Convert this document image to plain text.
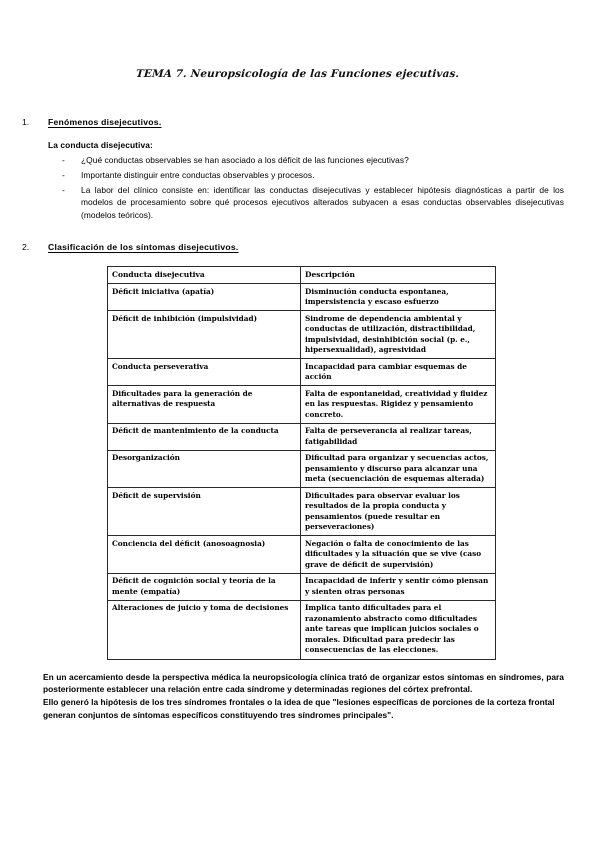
TEMA 7. Neuropsicología de las Funciones ejecutivas.
1.	Fenómenos disejecutivos.

La conducta disejecutiva:

- ¿Qué conductas observables se han asociado a los déficit de las funciones ejecutivas?
- Importante distinguir entre conductas observables y procesos.
- La labor del clínico consiste en: identificar las conductas disejecutivas y establecer hipótesis diagnósticas a partir de los modelos de procesamiento sobre qué procesos ejecutivos alterados subyacen a esas conductas observables disejecutivas (modelos teóricos).
2.	Clasificación de los síntomas disejecutivos.
Conducta disejecutiva	Descripción
Déficit iniciativa (apatía)	Disminución conducta espontanea, impersistencia y escaso esfuerzo
Déficit de inhibición (impulsividad)	Sindrome de dependencia ambiental y conductas de utilización, distractibilidad, impulsividad, desinhibición social (p. e., hipersexualidad), agresividad
Conducta perseverativa	Incapacidad para cambiar esquemas de acción
Dificultades para la generación de alternativas de respuesta	Falta de espontaneidad, creatividad y fluidez en las respuestas. Rigidez y pensamiento concreto.
Déficit de mantenimiento de la conducta	Falta de perseverancia al realizar tareas, fatigabilidad
Desorganización	Dificultad para organizar y secuencias actos, pensamiento y discurso para alcanzar una meta (secuenciación de esquemas alterada)
Déficit de supervisión	Dificultades para observar evaluar los resultados de la propia conducta y pensamientos (puede resultar en perseveraciones)
Conciencia del déficit (anosoagnosia)	Negación o falta de conocimiento de las dificultades y la situación que se vive (caso grave de déficit de supervisión)
Déficit de cognición social y teoría de la mente (empatía)	Incapacidad de inferir y sentir cómo piensan y sienten otras personas
Alteraciones de juicio y toma de decisiones	Implica tanto dificultades para el razonamiento abstracto como dificultades ante tareas que implican juicios sociales o morales. Dificultad para predecir las consecuencias de las elecciones.

En un acercamiento desde la perspectiva médica la neuropsicología clínica trató de organizar estos síntomas en síndromes, para posteriormente establecer una relación entre cada síndrome y determinadas regiones del córtex prefrontal.

Ello generó la hipótesis de los tres síndromes frontales o la idea de que "lesiones específicas de porciones de la corteza frontal generan conjuntos de síntomas específicos constituyendo tres síndromes principales".
